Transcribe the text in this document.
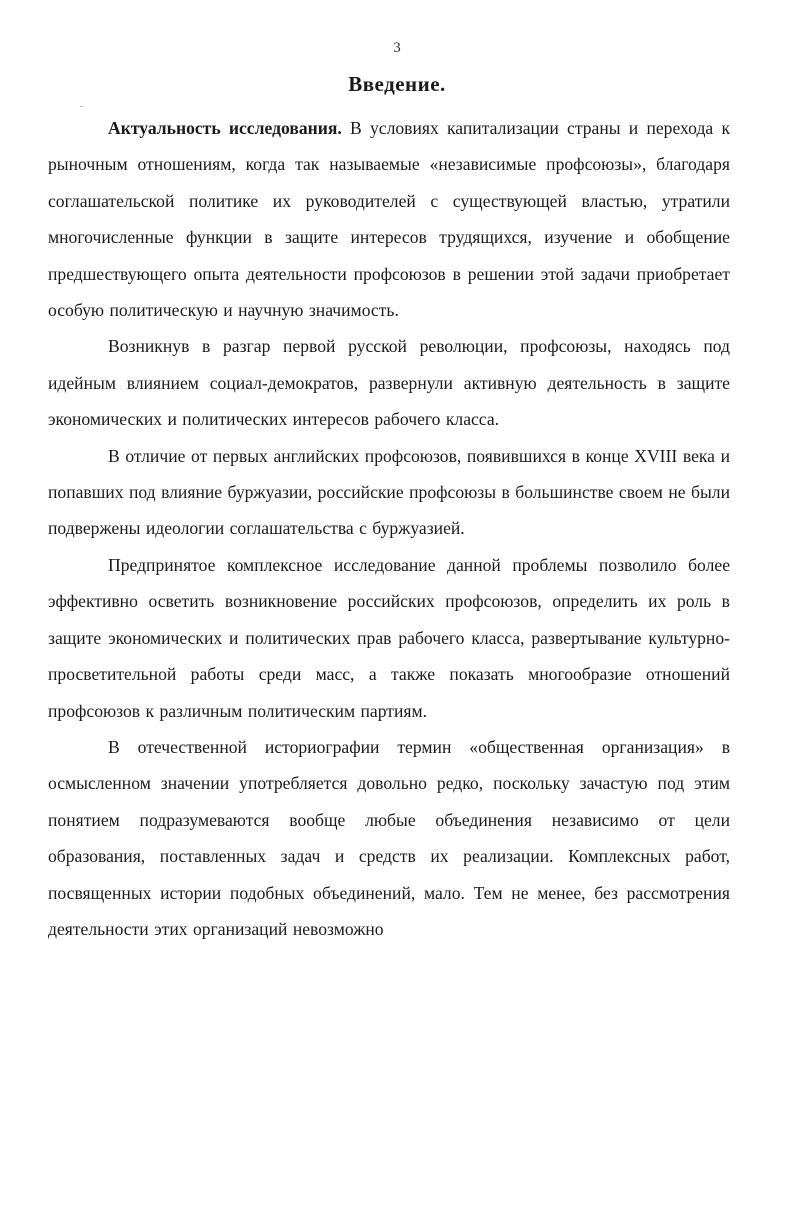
3
Введение.

Актуальность исследования. В условиях капитализации страны и перехода к рыночным отношениям, когда так называемые «независимые профсоюзы», благодаря соглашательской политике их руководителей с существующей властью, утратили многочисленные функции в защите интересов трудящихся, изучение и обобщение предшествующего опыта деятельности профсоюзов в решении этой задачи приобретает особую политическую и научную значимость.

Возникнув в разгар первой русской революции, профсоюзы, находясь под идейным влиянием социал-демократов, развернули активную деятельность в защите экономических и политических интересов рабочего класса.

В отличие от первых английских профсоюзов, появившихся в конце XVIII века и попавших под влияние буржуазии, российские профсоюзы в большинстве своем не были подвержены идеологии соглашательства с буржуазией.

Предпринятое комплексное исследование данной проблемы позволило более эффективно осветить возникновение российских профсоюзов, определить их роль в защите экономических и политических прав рабочего класса, развертывание культурно-просветительной работы среди масс, а также показать многообразие отношений профсоюзов к различным политическим партиям.

В отечественной историографии термин «общественная организация» в осмысленном значении употребляется довольно редко, поскольку зачастую под этим понятием подразумеваются вообще любые объединения независимо от цели образования, поставленных задач и средств их реализации. Комплексных работ, посвященных истории подобных объединений, мало. Тем не менее, без рассмотрения деятельности этих организаций невозможно
